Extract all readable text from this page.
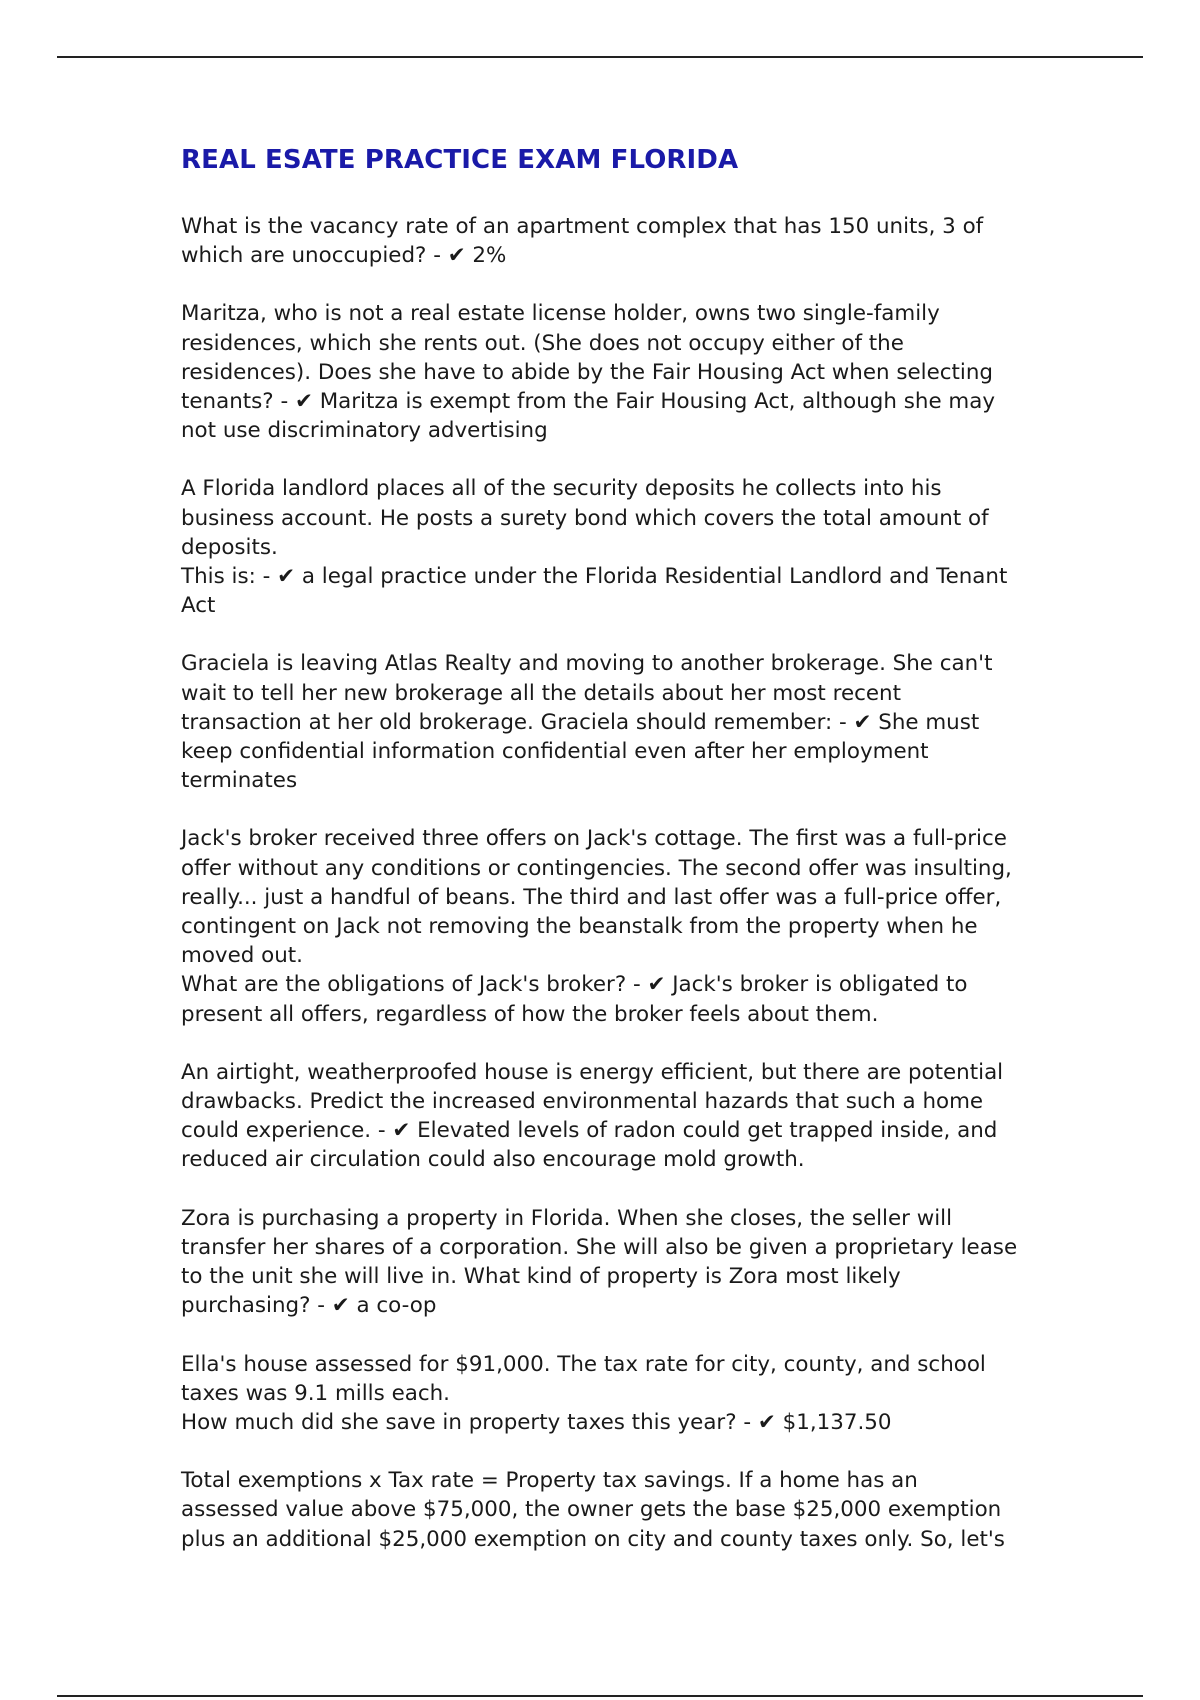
REAL ESATE PRACTICE EXAM FLORIDA
What is the vacancy rate of an apartment complex that has 150 units, 3 of
which are unoccupied? - ✔ 2%
Maritza, who is not a real estate license holder, owns two single-family
residences, which she rents out. (She does not occupy either of the
residences). Does she have to abide by the Fair Housing Act when selecting
tenants? - ✔ Maritza is exempt from the Fair Housing Act, although she may
not use discriminatory advertising
A Florida landlord places all of the security deposits he collects into his
business account. He posts a surety bond which covers the total amount of
deposits.
This is: - ✔ a legal practice under the Florida Residential Landlord and Tenant
Act
Graciela is leaving Atlas Realty and moving to another brokerage. She can't
wait to tell her new brokerage all the details about her most recent
transaction at her old brokerage. Graciela should remember: - ✔ She must
keep confidential information confidential even after her employment
terminates
Jack's broker received three offers on Jack's cottage. The first was a full-price
offer without any conditions or contingencies. The second offer was insulting,
really... just a handful of beans. The third and last offer was a full-price offer,
contingent on Jack not removing the beanstalk from the property when he
moved out.
What are the obligations of Jack's broker? - ✔ Jack's broker is obligated to
present all offers, regardless of how the broker feels about them.
An airtight, weatherproofed house is energy efficient, but there are potential
drawbacks. Predict the increased environmental hazards that such a home
could experience. - ✔ Elevated levels of radon could get trapped inside, and
reduced air circulation could also encourage mold growth.
Zora is purchasing a property in Florida. When she closes, the seller will
transfer her shares of a corporation. She will also be given a proprietary lease
to the unit she will live in. What kind of property is Zora most likely
purchasing? - ✔ a co-op
Ella's house assessed for $91,000. The tax rate for city, county, and school
taxes was 9.1 mills each.
How much did she save in property taxes this year? - ✔ $1,137.50
Total exemptions x Tax rate = Property tax savings. If a home has an
assessed value above $75,000, the owner gets the base $25,000 exemption
plus an additional $25,000 exemption on city and county taxes only. So, let's
